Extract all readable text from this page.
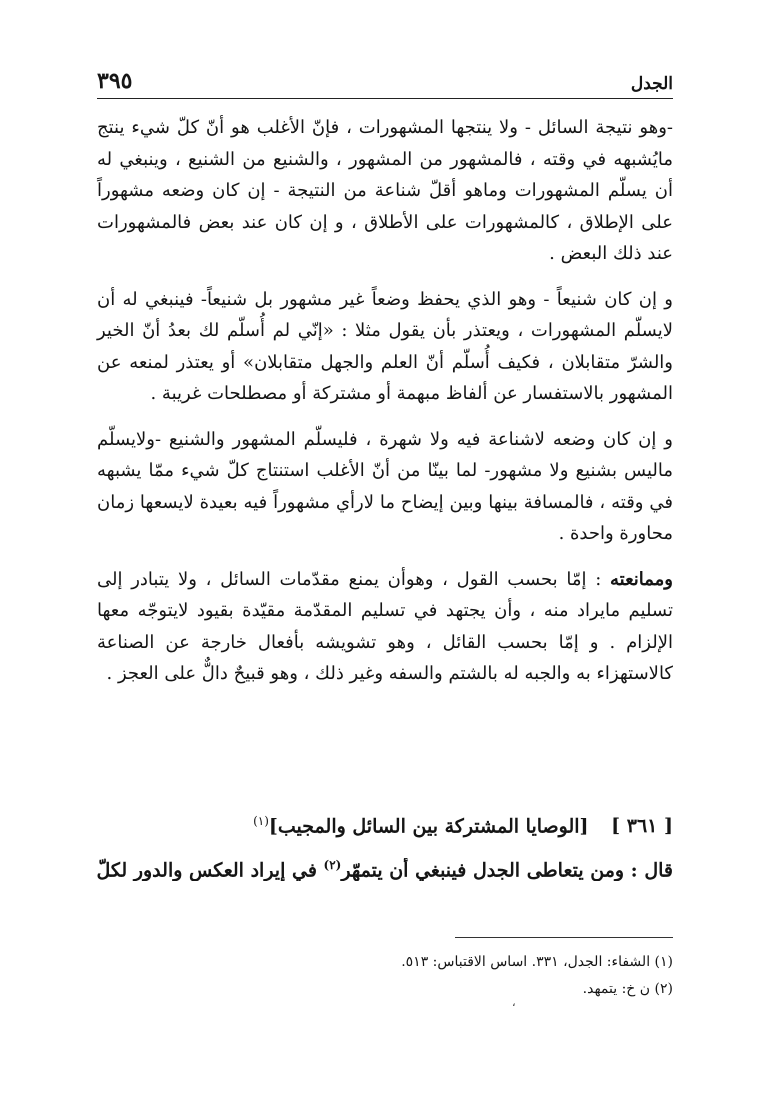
الجدل
٣٩٥

-وهو نتيجة السائل - ولا ينتجها المشهورات ، فإنّ الأغلب هو أنّ كلّ شيء ينتج مايُشبهه في وقته ، فالمشهور من المشهور ، والشنيع من الشنيع ، وينبغي له أن يسلّم المشهورات وماهو أقلّ شناعة من النتيجة - إن كان وضعه مشهوراً على الإطلاق ، كالمشهورات على الأطلاق ، و إن كان عند بعض فالمشهورات عند ذلك البعض .

و إن كان شنيعاً - وهو الذي يحفظ وضعاً غير مشهور بل شنيعاً- فينبغي له أن لايسلّم المشهورات ، ويعتذر بأن يقول مثلا : «إنّي لم أُسلّم لك بعدُ أنّ الخير والشرّ متقابلان ، فكيف أُسلّم أنّ العلم والجهل متقابلان» أو يعتذر لمنعه عن المشهور بالاستفسار عن ألفاظ مبهمة أو مشتركة أو مصطلحات غريبة .

و إن كان وضعه لاشناعة فيه ولا شهرة ، فليسلّم المشهور والشنيع -ولايسلّم ماليس بشنيع ولا مشهور- لما بينّا من أنّ الأغلب استنتاج كلّ شيء ممّا يشبهه في وقته ، فالمسافة بينها وبين إيضاح ما لارأي مشهوراً فيه بعيدة لايسعها زمان محاورة واحدة .

وممانعته : إمّا بحسب القول ، وهوأن يمنع مقدّمات السائل ، ولا يتبادر إلى تسليم مايراد منه ، وأن يجتهد في تسليم المقدّمة مقيّدة بقيود لايتوجّه معها الإلزام . و إمّا بحسب القائل ، وهو تشويشه بأفعال خارجة عن الصناعة كالاستهزاء به والجبه له بالشتم والسفه وغير ذلك ، وهو قبيحٌ دالٌّ على العجز .

[ ٣٦١ ] [الوصايا المشتركة بين السائل والمجيب]$^{(١)}$
قال : ومن يتعاطى الجدل فينبغي أن يتمهّر$^{(٢)}$ في إيراد العكس والدور لكلّ

(١) الشفاء: الجدل، ٣٣١. اساس الاقتباس: ٥١٣.

(٢) ن خ: يتمهد.

،
